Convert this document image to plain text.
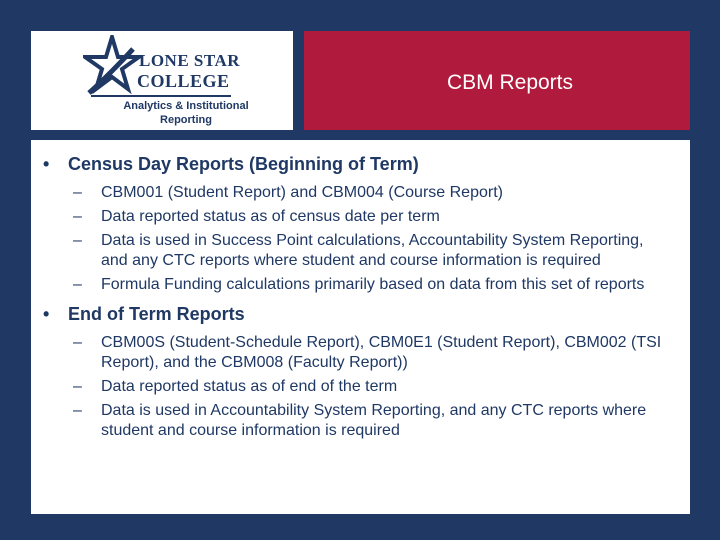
LONE STAR
COLLEGE
Analytics & Institutional
Reporting
CBM Reports
• Census Day Reports (Beginning of Term)
– CBM001 (Student Report) and CBM004 (Course Report)
– Data reported status as of census date per term
– Data is used in Success Point calculations, Accountability System Reporting, and any CTC reports where student and course information is required
– Formula Funding calculations primarily based on data from this set of reports
• End of Term Reports
– CBM00S (Student-Schedule Report), CBM0E1 (Student Report), CBM002 (TSI Report), and the CBM008 (Faculty Report))
– Data reported status as of end of the term
– Data is used in Accountability System Reporting, and any CTC reports where student and course information is required
